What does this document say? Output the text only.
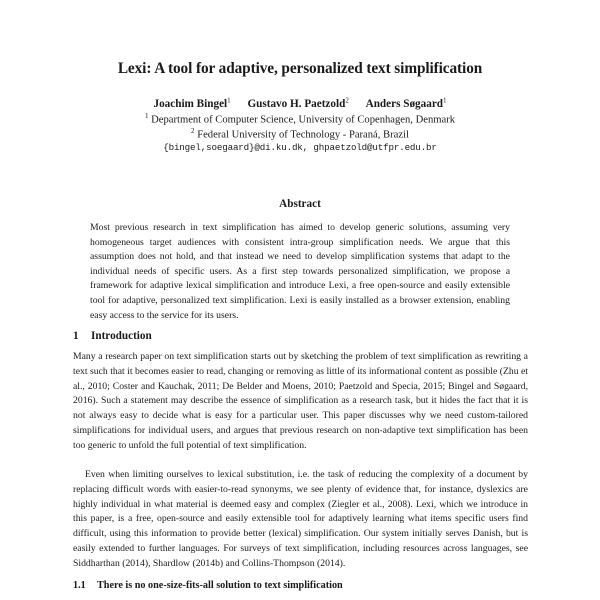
Lexi: A tool for adaptive, personalized text simplification
Joachim Bingel$^1$ Gustavo H. Paetzold$^2$ Anders Søgaard$^1$
$^1$ Department of Computer Science, University of Copenhagen, Denmark
$^2$ Federal University of Technology - Paraná, Brazil
{bingel,soegaard}@di.ku.dk, ghpaetzold@utfpr.edu.br
Abstract
Most previous research in text simplification has aimed to develop generic solutions, assuming very homogeneous target audiences with consistent intra-group simplification needs. We argue that this assumption does not hold, and that instead we need to develop simplification systems that adapt to the individual needs of specific users. As a first step towards personalized simplification, we propose a framework for adaptive lexical simplification and introduce Lexi, a free open-source and easily extensible tool for adaptive, personalized text simplification. Lexi is easily installed as a browser extension, enabling easy access to the service for its users.
1 Introduction
Many a research paper on text simplification starts out by sketching the problem of text simplification as rewriting a text such that it becomes easier to read, changing or removing as little of its informational content as possible (Zhu et al., 2010; Coster and Kauchak, 2011; De Belder and Moens, 2010; Paetzold and Specia, 2015; Bingel and Søgaard, 2016). Such a statement may describe the essence of simplification as a research task, but it hides the fact that it is not always easy to decide what is easy for a particular user. This paper discusses why we need custom-tailored simplifications for individual users, and argues that previous research on non-adaptive text simplification has been too generic to unfold the full potential of text simplification.
Even when limiting ourselves to lexical substitution, i.e. the task of reducing the complexity of a document by replacing difficult words with easier-to-read synonyms, we see plenty of evidence that, for instance, dyslexics are highly individual in what material is deemed easy and complex (Ziegler et al., 2008). Lexi, which we introduce in this paper, is a free, open-source and easily extensible tool for adaptively learning what items specific users find difficult, using this information to provide better (lexical) simplification. Our system initially serves Danish, but is easily extended to further languages. For surveys of text simplification, including resources across languages, see Siddharthan (2014), Shardlow (2014b) and Collins-Thompson (2014).
1.1 There is no one-size-fits-all solution to text simplification
